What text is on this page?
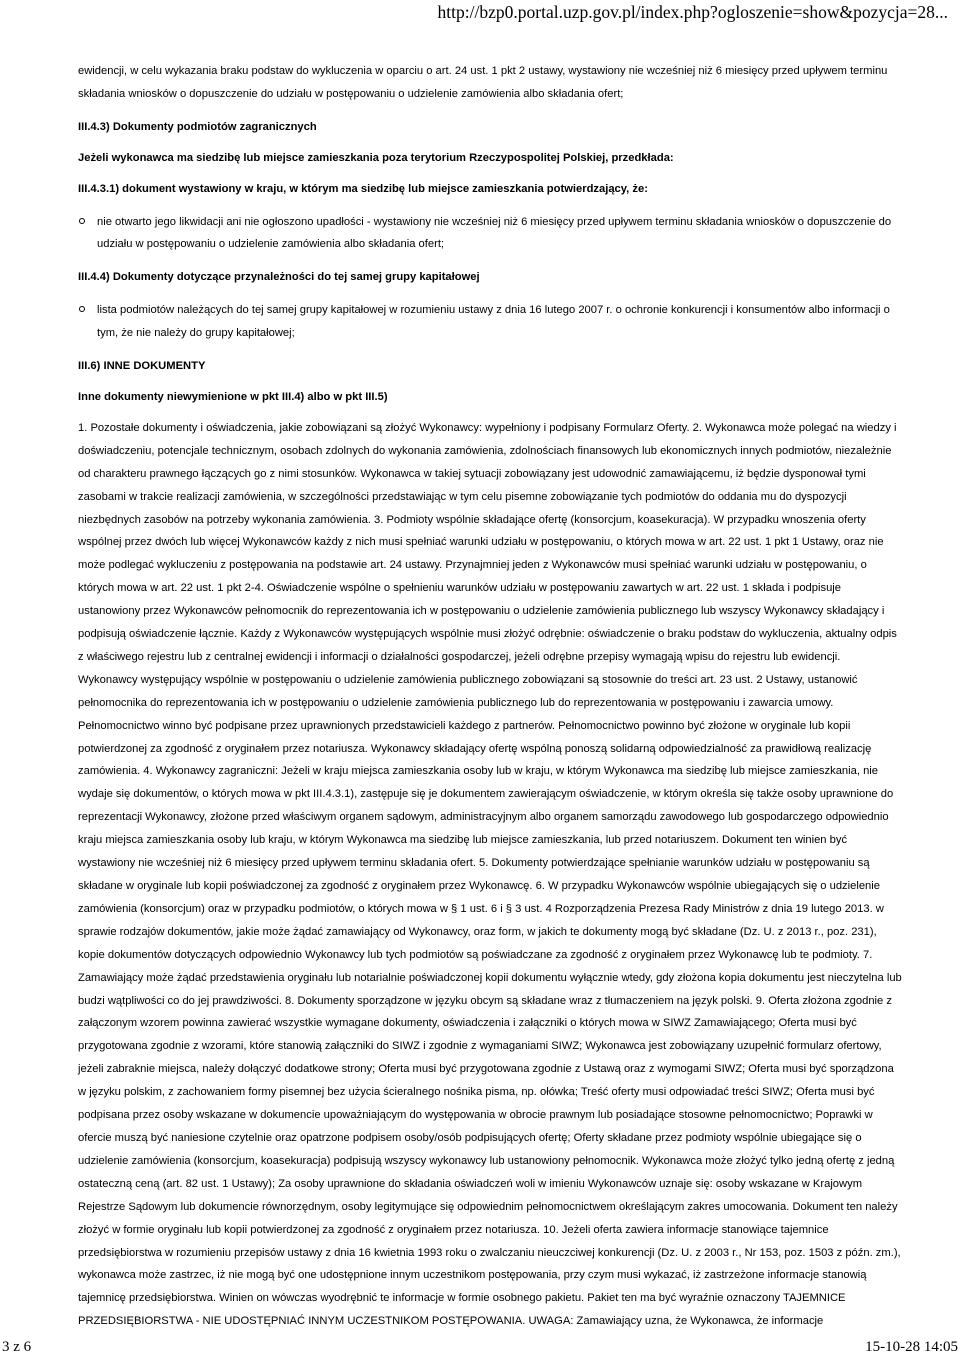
http://bzp0.portal.uzp.gov.pl/index.php?ogloszenie=show&pozycja=28...

ewidencji, w celu wykazania braku podstaw do wykluczenia w oparciu o art. 24 ust. 1 pkt 2 ustawy, wystawiony nie wcześniej niż 6 miesięcy przed upływem terminu składania wniosków o dopuszczenie do udziału w postępowaniu o udzielenie zamówienia albo składania ofert;

III.4.3) Dokumenty podmiotów zagranicznych

Jeżeli wykonawca ma siedzibę lub miejsce zamieszkania poza terytorium Rzeczypospolitej Polskiej, przedkłada:

III.4.3.1) dokument wystawiony w kraju, w którym ma siedzibę lub miejsce zamieszkania potwierdzający, że:

nie otwarto jego likwidacji ani nie ogłoszono upadłości - wystawiony nie wcześniej niż 6 miesięcy przed upływem terminu składania wniosków o dopuszczenie do udziału w postępowaniu o udzielenie zamówienia albo składania ofert;

III.4.4) Dokumenty dotyczące przynależności do tej samej grupy kapitałowej

lista podmiotów należących do tej samej grupy kapitałowej w rozumieniu ustawy z dnia 16 lutego 2007 r. o ochronie konkurencji i konsumentów albo informacji o tym, że nie należy do grupy kapitałowej;

III.6) INNE DOKUMENTY

Inne dokumenty niewymienione w pkt III.4) albo w pkt III.5)

1. Pozostałe dokumenty i oświadczenia, jakie zobowiązani są złożyć Wykonawcy: wypełniony i podpisany Formularz Oferty. 2. Wykonawca może polegać na wiedzy i doświadczeniu, potencjale technicznym, osobach zdolnych do wykonania zamówienia, zdolnościach finansowych lub ekonomicznych innych podmiotów, niezależnie od charakteru prawnego łączących go z nimi stosunków. Wykonawca w takiej sytuacji zobowiązany jest udowodnić zamawiającemu, iż będzie dysponował tymi zasobami w trakcie realizacji zamówienia, w szczególności przedstawiając w tym celu pisemne zobowiązanie tych podmiotów do oddania mu do dyspozycji niezbędnych zasobów na potrzeby wykonania zamówienia. 3. Podmioty wspólnie składające ofertę (konsorcjum, koasekuracja). W przypadku wnoszenia oferty wspólnej przez dwóch lub więcej Wykonawców każdy z nich musi spełniać warunki udziału w postępowaniu, o których mowa w art. 22 ust. 1 pkt 1 Ustawy, oraz nie może podlegać wykluczeniu z postępowania na podstawie art. 24 ustawy. Przynajmniej jeden z Wykonawców musi spełniać warunki udziału w postępowaniu, o których mowa w art. 22 ust. 1 pkt 2-4. Oświadczenie wspólne o spełnieniu warunków udziału w postępowaniu zawartych w art. 22 ust. 1 składa i podpisuje ustanowiony przez Wykonawców pełnomocnik do reprezentowania ich w postępowaniu o udzielenie zamówienia publicznego lub wszyscy Wykonawcy składający i podpisują oświadczenie łącznie. Każdy z Wykonawców występujących wspólnie musi złożyć odrębnie: oświadczenie o braku podstaw do wykluczenia, aktualny odpis z właściwego rejestru lub z centralnej ewidencji i informacji o działalności gospodarczej, jeżeli odrębne przepisy wymagają wpisu do rejestru lub ewidencji. Wykonawcy występujący wspólnie w postępowaniu o udzielenie zamówienia publicznego zobowiązani są stosownie do treści art. 23 ust. 2 Ustawy, ustanowić pełnomocnika do reprezentowania ich w postępowaniu o udzielenie zamówienia publicznego lub do reprezentowania w postępowaniu i zawarcia umowy. Pełnomocnictwo winno być podpisane przez uprawnionych przedstawicieli każdego z partnerów. Pełnomocnictwo powinno być złożone w oryginale lub kopii potwierdzonej za zgodność z oryginałem przez notariusza. Wykonawcy składający ofertę wspólną ponoszą solidarną odpowiedzialność za prawidłową realizację zamówienia. 4. Wykonawcy zagraniczni: Jeżeli w kraju miejsca zamieszkania osoby lub w kraju, w którym Wykonawca ma siedzibę lub miejsce zamieszkania, nie wydaje się dokumentów, o których mowa w pkt III.4.3.1), zastępuje się je dokumentem zawierającym oświadczenie, w którym określa się także osoby uprawnione do reprezentacji Wykonawcy, złożone przed właściwym organem sądowym, administracyjnym albo organem samorządu zawodowego lub gospodarczego odpowiednio kraju miejsca zamieszkania osoby lub kraju, w którym Wykonawca ma siedzibę lub miejsce zamieszkania, lub przed notariuszem. Dokument ten winien być wystawiony nie wcześniej niż 6 miesięcy przed upływem terminu składania ofert. 5. Dokumenty potwierdzające spełnianie warunków udziału w postępowaniu są składane w oryginale lub kopii poświadczonej za zgodność z oryginałem przez Wykonawcę. 6. W przypadku Wykonawców wspólnie ubiegających się o udzielenie zamówienia (konsorcjum) oraz w przypadku podmiotów, o których mowa w § 1 ust. 6 i § 3 ust. 4 Rozporządzenia Prezesa Rady Ministrów z dnia 19 lutego 2013. w sprawie rodzajów dokumentów, jakie może żądać zamawiający od Wykonawcy, oraz form, w jakich te dokumenty mogą być składane (Dz. U. z 2013 r., poz. 231), kopie dokumentów dotyczących odpowiednio Wykonawcy lub tych podmiotów są poświadczane za zgodność z oryginałem przez Wykonawcę lub te podmioty. 7. Zamawiający może żądać przedstawienia oryginału lub notarialnie poświadczonej kopii dokumentu wyłącznie wtedy, gdy złożona kopia dokumentu jest nieczytelna lub budzi wątpliwości co do jej prawdziwości. 8. Dokumenty sporządzone w języku obcym są składane wraz z tłumaczeniem na język polski. 9. Oferta złożona zgodnie z załączonym wzorem powinna zawierać wszystkie wymagane dokumenty, oświadczenia i załączniki o których mowa w SIWZ Zamawiającego; Oferta musi być przygotowana zgodnie z wzorami, które stanowią załączniki do SIWZ i zgodnie z wymaganiami SIWZ; Wykonawca jest zobowiązany uzupełnić formularz ofertowy, jeżeli zabraknie miejsca, należy dołączyć dodatkowe strony; Oferta musi być przygotowana zgodnie z Ustawą oraz z wymogami SIWZ; Oferta musi być sporządzona w języku polskim, z zachowaniem formy pisemnej bez użycia ścieralnego nośnika pisma, np. ołówka; Treść oferty musi odpowiadać treści SIWZ; Oferta musi być podpisana przez osoby wskazane w dokumencie upoważniającym do występowania w obrocie prawnym lub posiadające stosowne pełnomocnictwo; Poprawki w ofercie muszą być naniesione czytelnie oraz opatrzone podpisem osoby/osób podpisujących ofertę; Oferty składane przez podmioty wspólnie ubiegające się o udzielenie zamówienia (konsorcjum, koasekuracja) podpisują wszyscy wykonawcy lub ustanowiony pełnomocnik. Wykonawca może złożyć tylko jedną ofertę z jedną ostateczną ceną (art. 82 ust. 1 Ustawy); Za osoby uprawnione do składania oświadczeń woli w imieniu Wykonawców uznaje się: osoby wskazane w Krajowym Rejestrze Sądowym lub dokumencie równorzędnym, osoby legitymujące się odpowiednim pełnomocnictwem określającym zakres umocowania. Dokument ten należy złożyć w formie oryginału lub kopii potwierdzonej za zgodność z oryginałem przez notariusza. 10. Jeżeli oferta zawiera informacje stanowiące tajemnice przedsiębiorstwa w rozumieniu przepisów ustawy z dnia 16 kwietnia 1993 roku o zwalczaniu nieuczciwej konkurencji (Dz. U. z 2003 r., Nr 153, poz. 1503 z późn. zm.), wykonawca może zastrzec, iż nie mogą być one udostępnione innym uczestnikom postępowania, przy czym musi wykazać, iż zastrzeżone informacje stanowią tajemnicę przedsiębiorstwa. Winien on wówczas wyodrębnić te informacje w formie osobnego pakietu. Pakiet ten ma być wyraźnie oznaczony TAJEMNICE PRZEDSIĘBIORSTWA - NIE UDOSTĘPNIAĆ INNYM UCZESTNIKOM POSTĘPOWANIA. UWAGA: Zamawiający uzna, że Wykonawca, że informacje

3 z 6	15-10-28 14:05
